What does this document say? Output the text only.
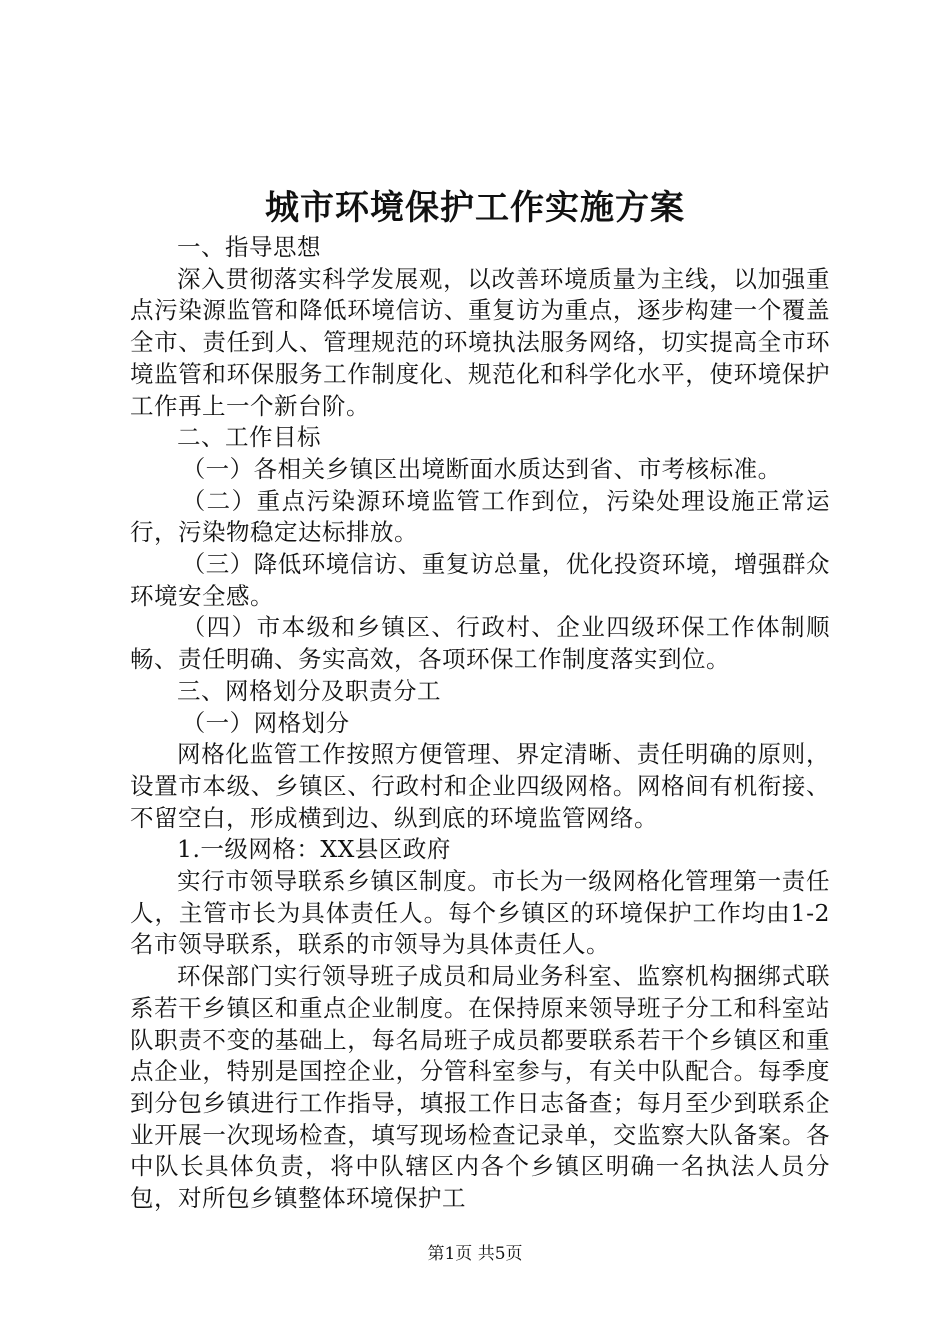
城市环境保护工作实施方案

一、指导思想

深入贯彻落实科学发展观，以改善环境质量为主线，以加强重点污染源监管和降低环境信访、重复访为重点，逐步构建一个覆盖全市、责任到人、管理规范的环境执法服务网络，切实提高全市环境监管和环保服务工作制度化、规范化和科学化水平，使环境保护工作再上一个新台阶。

二、工作目标

（一）各相关乡镇区出境断面水质达到省、市考核标准。

（二）重点污染源环境监管工作到位，污染处理设施正常运行，污染物稳定达标排放。

（三）降低环境信访、重复访总量，优化投资环境，增强群众环境安全感。

（四）市本级和乡镇区、行政村、企业四级环保工作体制顺畅、责任明确、务实高效，各项环保工作制度落实到位。

三、网格划分及职责分工

（一）网格划分

网格化监管工作按照方便管理、界定清晰、责任明确的原则，设置市本级、乡镇区、行政村和企业四级网格。网格间有机衔接、不留空白，形成横到边、纵到底的环境监管网络。

1.一级网格：XX县区政府

实行市领导联系乡镇区制度。市长为一级网格化管理第一责任人，主管市长为具体责任人。每个乡镇区的环境保护工作均由1-2名市领导联系，联系的市领导为具体责任人。

环保部门实行领导班子成员和局业务科室、监察机构捆绑式联系若干乡镇区和重点企业制度。在保持原来领导班子分工和科室站队职责不变的基础上，每名局班子成员都要联系若干个乡镇区和重点企业，特别是国控企业，分管科室参与，有关中队配合。每季度到分包乡镇进行工作指导，填报工作日志备查；每月至少到联系企业开展一次现场检查，填写现场检查记录单，交监察大队备案。各中队长具体负责，将中队辖区内各个乡镇区明确一名执法人员分包，对所包乡镇整体环境保护工

第1页 共5页
